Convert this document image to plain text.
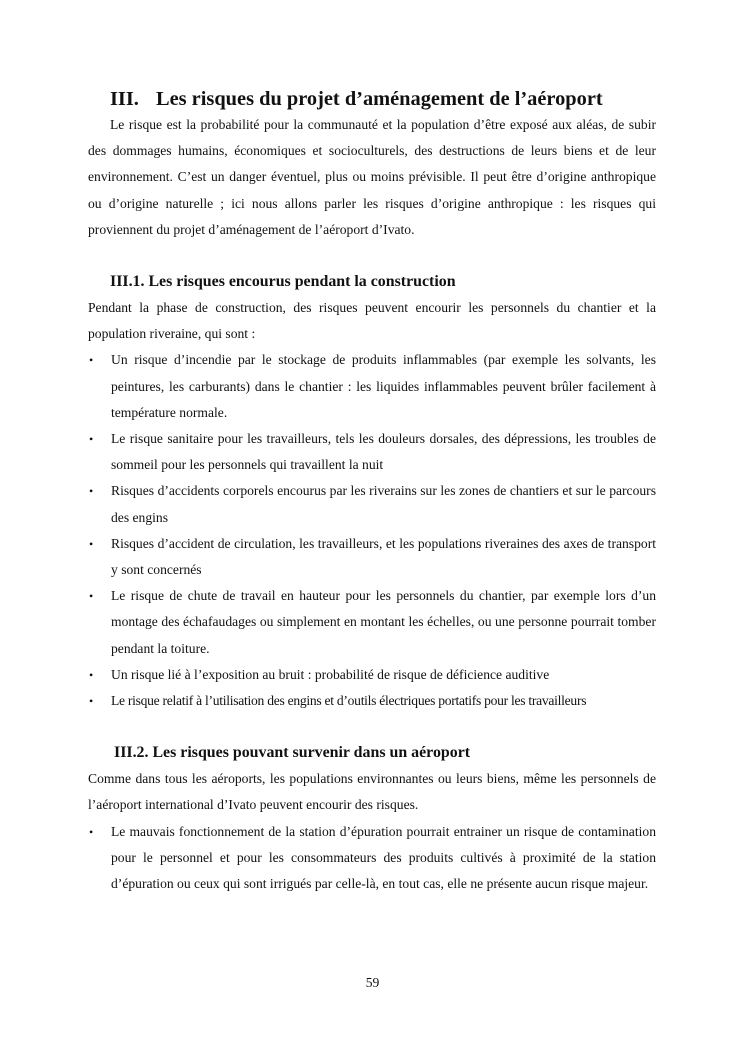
III. Les risques du projet d’aménagement de l’aéroport

Le risque est la probabilité pour la communauté et la population d’être exposé aux aléas, de subir des dommages humains, économiques et socioculturels, des destructions de leurs biens et de leur environnement. C’est un danger éventuel, plus ou moins prévisible. Il peut être d’origine anthropique ou d’origine naturelle ; ici nous allons parler les risques d’origine anthropique : les risques qui proviennent du projet d’aménagement de l’aéroport d’Ivato.

III.1. Les risques encourus pendant la construction

Pendant la phase de construction, des risques peuvent encourir les personnels du chantier et la population riveraine, qui sont :

• Un risque d’incendie par le stockage de produits inflammables (par exemple les solvants, les peintures, les carburants) dans le chantier : les liquides inflammables peuvent brûler facilement à température normale.
• Le risque sanitaire pour les travailleurs, tels les douleurs dorsales, des dépressions, les troubles de sommeil pour les personnels qui travaillent la nuit
• Risques d’accidents corporels encourus par les riverains sur les zones de chantiers et sur le parcours des engins
• Risques d’accident de circulation, les travailleurs, et les populations riveraines des axes de transport y sont concernés
• Le risque de chute de travail en hauteur pour les personnels du chantier, par exemple lors d’un montage des échafaudages ou simplement en montant les échelles, ou une personne pourrait tomber pendant la toiture.
• Un risque lié à l’exposition au bruit : probabilité de risque de déficience auditive
• Le risque relatif à l’utilisation des engins et d’outils électriques portatifs pour les travailleurs
III.2. Les risques pouvant survenir dans un aéroport

Comme dans tous les aéroports, les populations environnantes ou leurs biens, même les personnels de l’aéroport international d’Ivato peuvent encourir des risques.

• Le mauvais fonctionnement de la station d’épuration pourrait entrainer un risque de contamination pour le personnel et pour les consommateurs des produits cultivés à proximité de la station d’épuration ou ceux qui sont irrigués par celle-là, en tout cas, elle ne présente aucun risque majeur.
59
